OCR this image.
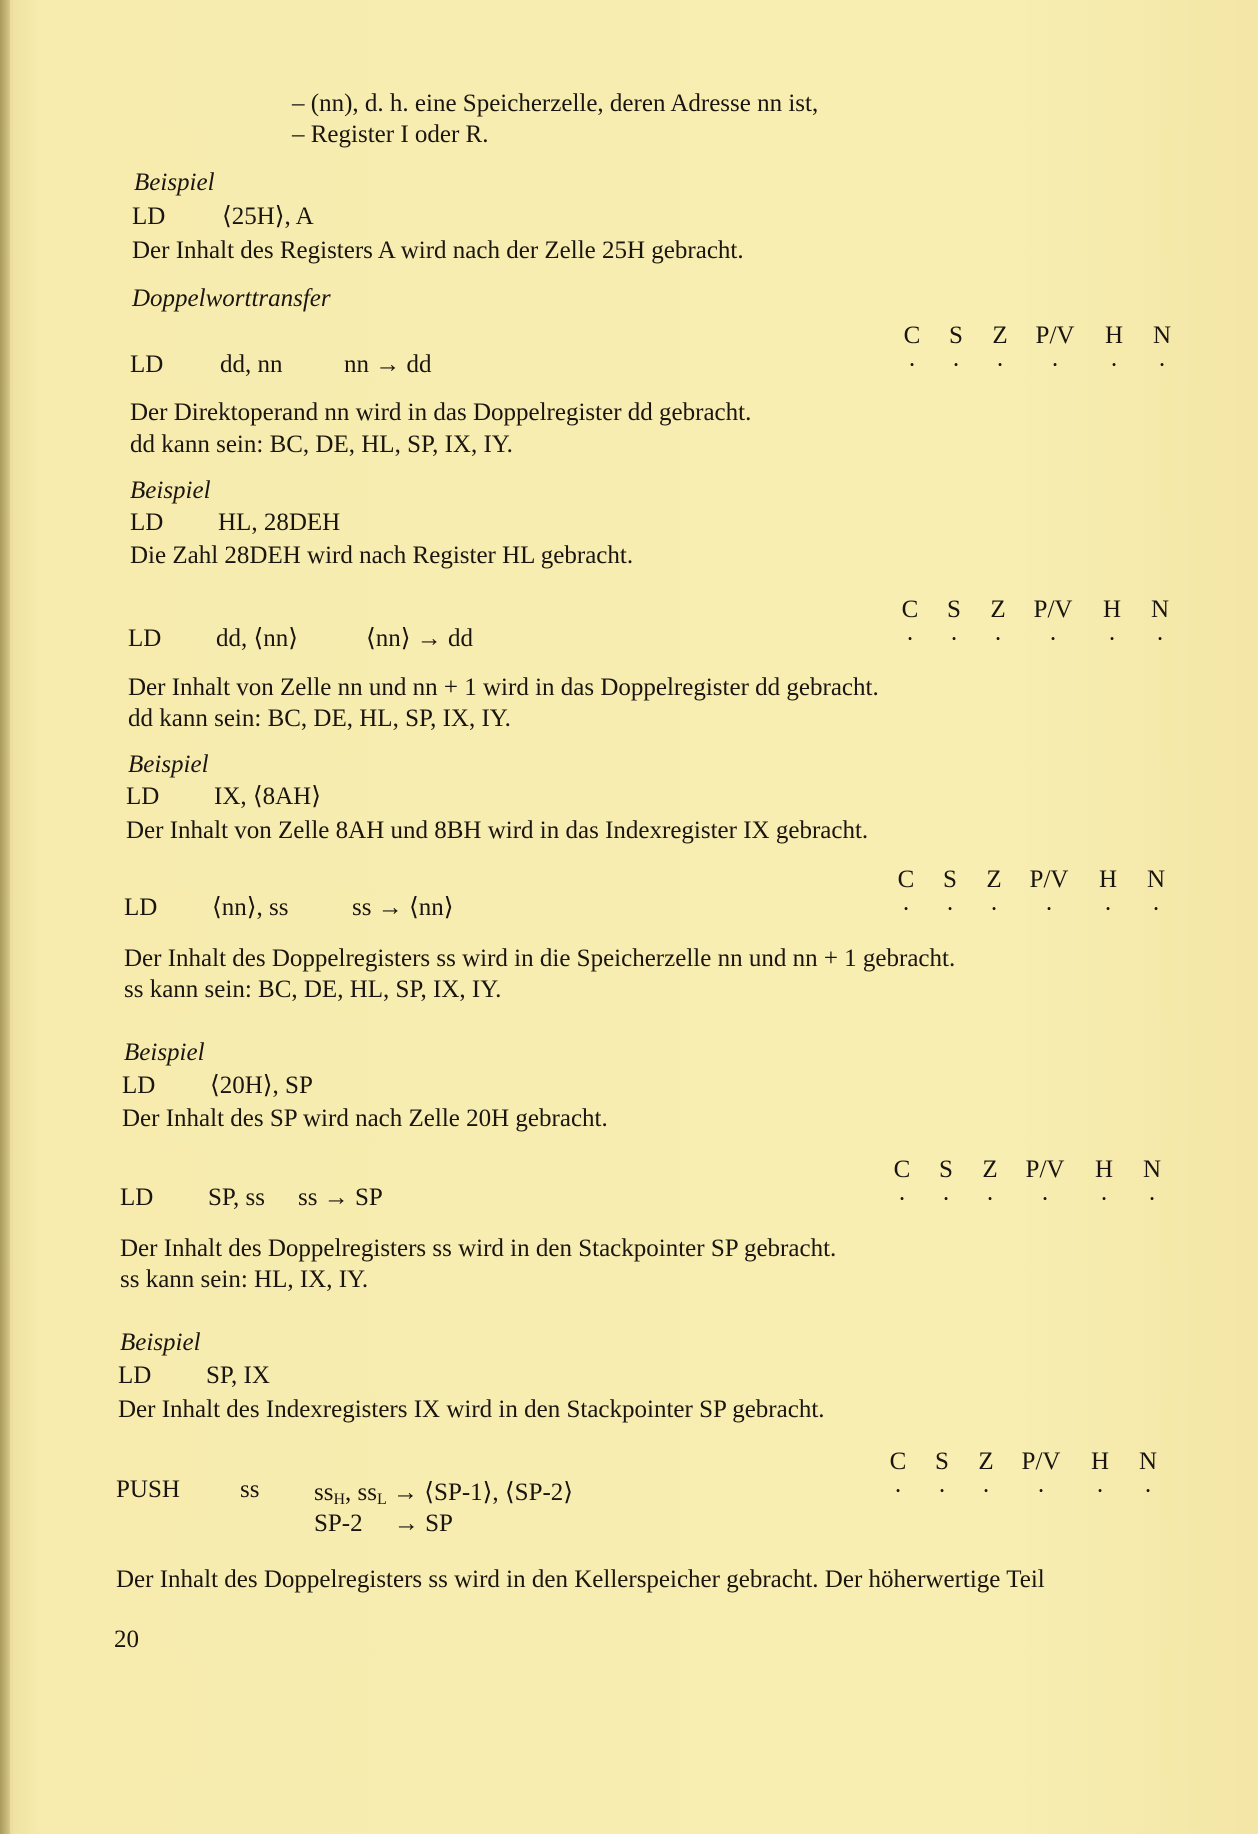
– (nn), d. h. eine Speicherzelle, deren Adresse nn ist,
– Register I oder R.
Beispiel
LD ⟨25H⟩, A
Der Inhalt des Registers A wird nach der Zelle 25H gebracht.
Doppelworttransfer
C S Z P/V H N
· · · · · ·
LD dd, nn nn → dd
Der Direktoperand nn wird in das Doppelregister dd gebracht.
dd kann sein: BC, DE, HL, SP, IX, IY.
Beispiel
LD HL, 28DEH
Die Zahl 28DEH wird nach Register HL gebracht.
C S Z P/V H N
· · · · · ·
LD dd, ⟨nn⟩	⟨nn⟩ → dd
Der Inhalt von Zelle nn und nn + 1 wird in das Doppelregister dd gebracht.
dd kann sein: BC, DE, HL, SP, IX, IY.
Beispiel
LD IX, ⟨8AH⟩
Der Inhalt von Zelle 8AH und 8BH wird in das Indexregister IX gebracht.
C S Z P/V H N
· · · · · ·
LD ⟨nn⟩, ss	ss → ⟨nn⟩
Der Inhalt des Doppelregisters ss wird in die Speicherzelle nn und nn + 1 gebracht.
ss kann sein: BC, DE, HL, SP, IX, IY.
Beispiel
LD ⟨20H⟩, SP
Der Inhalt des SP wird nach Zelle 20H gebracht.
C S Z P/V H N
· · · · · ·
LD SP, ss ss → SP
Der Inhalt des Doppelregisters ss wird in den Stackpointer SP gebracht.
ss kann sein: HL, IX, IY.
Beispiel
LD SP, IX
Der Inhalt des Indexregisters IX wird in den Stackpointer SP gebracht.
C S Z P/V H N
· · · · · ·
PUSH ss $ss_H$, $ss_L$ → ⟨SP-1⟩, ⟨SP-2⟩
SP-2     → SP
Der Inhalt des Doppelregisters ss wird in den Kellerspeicher gebracht. Der höherwertige Teil
20
